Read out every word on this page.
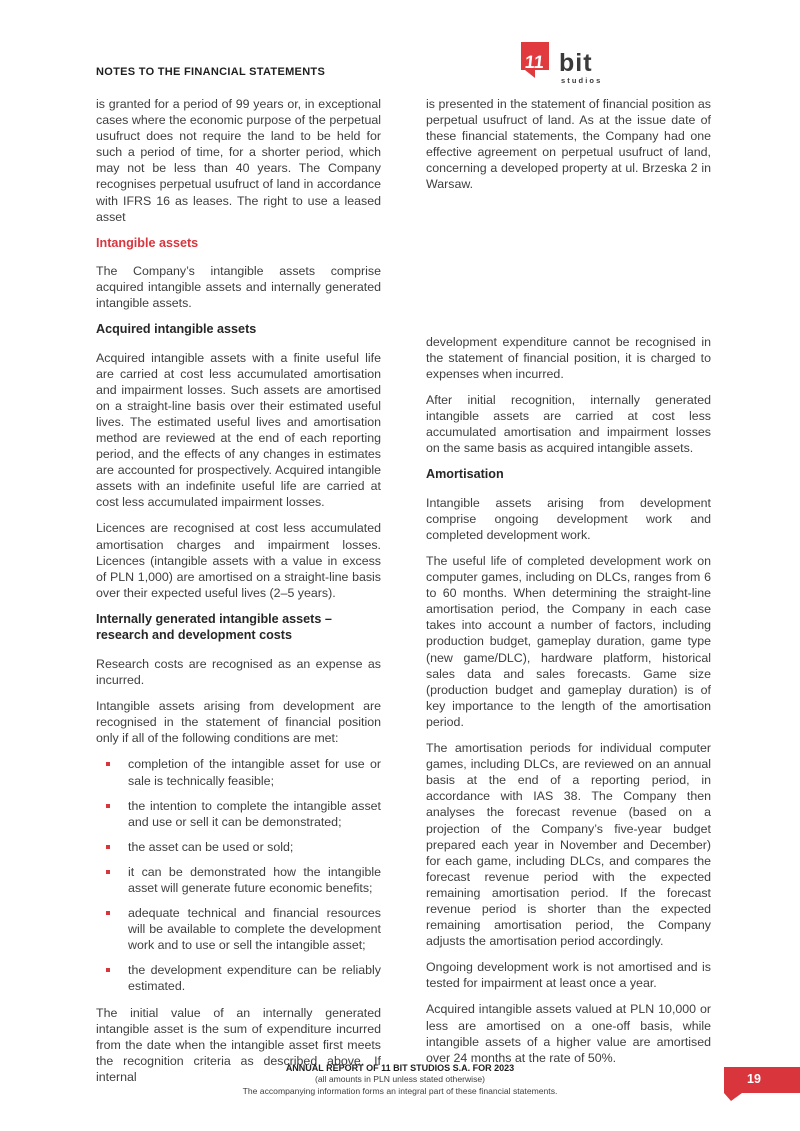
NOTES TO THE FINANCIAL STATEMENTS
11 bit
studios

is granted for a period of 99 years or, in exceptional cases where the economic purpose of the perpetual usufruct does not require the land to be held for such a period of time, for a shorter period, which may not be less than 40 years. The Company recognises perpetual usufruct of land in accordance with IFRS 16 as leases. The right to use a leased asset

Intangible assets

The Company’s intangible assets comprise acquired intangible assets and internally generated intangible assets.

Acquired intangible assets

Acquired intangible assets with a finite useful life are carried at cost less accumulated amortisation and impairment losses. Such assets are amortised on a straight-line basis over their estimated useful lives. The estimated useful lives and amortisation method are reviewed at the end of each reporting period, and the effects of any changes in estimates are accounted for prospectively. Acquired intangible assets with an indefinite useful life are carried at cost less accumulated impairment losses.

Licences are recognised at cost less accumulated amortisation charges and impairment losses. Licences (intangible assets with a value in excess of PLN 1,000) are amortised on a straight-line basis over their expected useful lives (2–5 years).

Internally generated intangible assets – research and development costs

Research costs are recognised as an expense as incurred.

Intangible assets arising from development are recognised in the statement of financial position only if all of the following conditions are met:

completion of the intangible asset for use or sale is technically feasible;
the intention to complete the intangible asset and use or sell it can be demonstrated;
the asset can be used or sold;
it can be demonstrated how the intangible asset will generate future economic benefits;
adequate technical and financial resources will be available to complete the development work and to use or sell the intangible asset;
the development expenditure can be reliably estimated.

The initial value of an internally generated intangible asset is the sum of expenditure incurred from the date when the intangible asset first meets the recognition criteria as described above. If internal

is presented in the statement of financial position as perpetual usufruct of land. As at the issue date of these financial statements, the Company had one effective agreement on perpetual usufruct of land, concerning a developed property at ul. Brzeska 2 in Warsaw.

development expenditure cannot be recognised in the statement of financial position, it is charged to expenses when incurred.

After initial recognition, internally generated intangible assets are carried at cost less accumulated amortisation and impairment losses on the same basis as acquired intangible assets.

Amortisation

Intangible assets arising from development comprise ongoing development work and completed development work.

The useful life of completed development work on computer games, including on DLCs, ranges from 6 to 60 months. When determining the straight-line amortisation period, the Company in each case takes into account a number of factors, including production budget, gameplay duration, game type (new game/DLC), hardware platform, historical sales data and sales forecasts. Game size (production budget and gameplay duration) is of key importance to the length of the amortisation period.

The amortisation periods for individual computer games, including DLCs, are reviewed on an annual basis at the end of a reporting period, in accordance with IAS 38. The Company then analyses the forecast revenue (based on a projection of the Company’s five-year budget prepared each year in November and December) for each game, including DLCs, and compares the forecast revenue period with the expected remaining amortisation period. If the forecast revenue period is shorter than the expected remaining amortisation period, the Company adjusts the amortisation period accordingly.

Ongoing development work is not amortised and is tested for impairment at least once a year.

Acquired intangible assets valued at PLN 10,000 or less are amortised on a one-off basis, while intangible assets of a higher value are amortised over 24 months at the rate of 50%.

ANNUAL REPORT OF 11 BIT STUDIOS S.A. FOR 2023
(all amounts in PLN unless stated otherwise)
The accompanying information forms an integral part of these financial statements.
19
